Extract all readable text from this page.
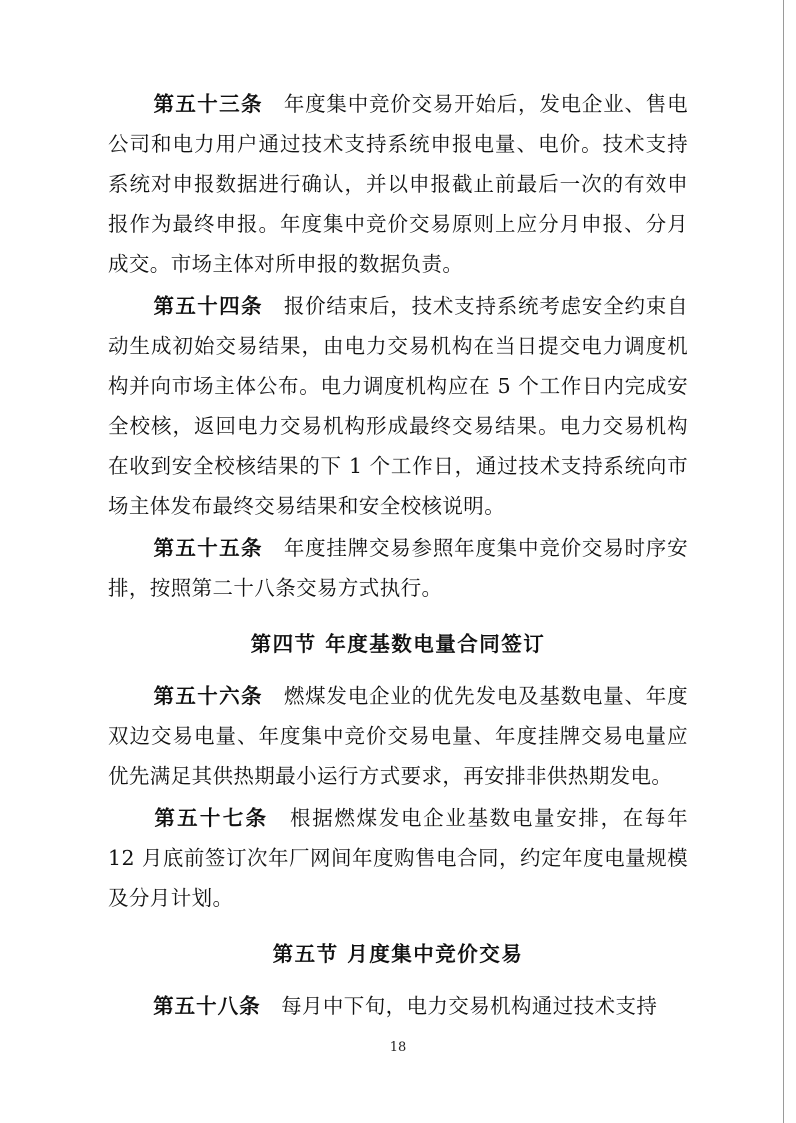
第五十三条 年度集中竞价交易开始后，发电企业、售电公司和电力用户通过技术支持系统申报电量、电价。技术支持系统对申报数据进行确认，并以申报截止前最后一次的有效申报作为最终申报。年度集中竞价交易原则上应分月申报、分月成交。市场主体对所申报的数据负责。

第五十四条 报价结束后，技术支持系统考虑安全约束自动生成初始交易结果，由电力交易机构在当日提交电力调度机构并向市场主体公布。电力调度机构应在 5 个工作日内完成安全校核，返回电力交易机构形成最终交易结果。电力交易机构在收到安全校核结果的下 1 个工作日，通过技术支持系统向市场主体发布最终交易结果和安全校核说明。

第五十五条 年度挂牌交易参照年度集中竞价交易时序安排，按照第二十八条交易方式执行。

第四节 年度基数电量合同签订

第五十六条 燃煤发电企业的优先发电及基数电量、年度双边交易电量、年度集中竞价交易电量、年度挂牌交易电量应优先满足其供热期最小运行方式要求，再安排非供热期发电。

第五十七条 根据燃煤发电企业基数电量安排，在每年 12 月底前签订次年厂网间年度购售电合同，约定年度电量规模及分月计划。

第五节 月度集中竞价交易

第五十八条 每月中下旬，电力交易机构通过技术支持

18
